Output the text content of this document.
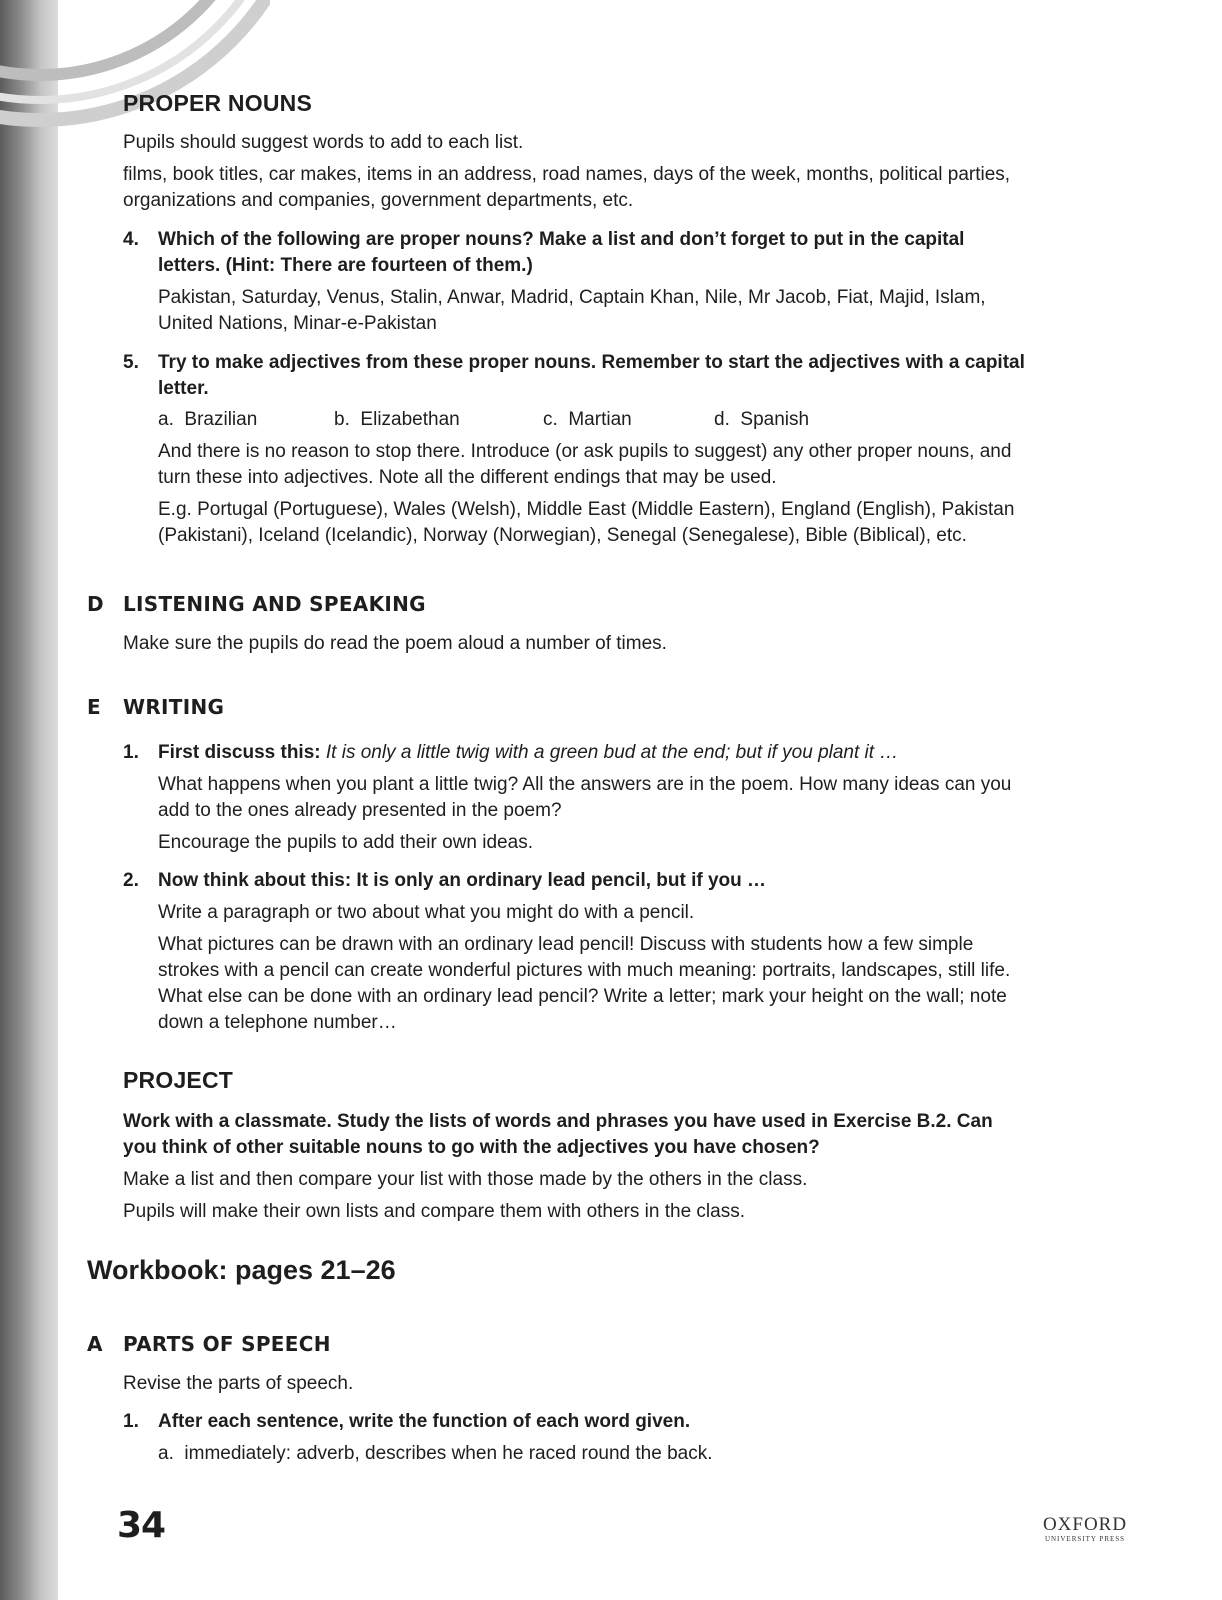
PROPER NOUNS

Pupils should suggest words to add to each list.

films, book titles, car makes, items in an address, road names, days of the week, months, political parties,

organizations and companies, government departments, etc.

4. Which of the following are proper nouns? Make a list and don’t forget to put in the capital

letters. (Hint: There are fourteen of them.)

Pakistan, Saturday, Venus, Stalin, Anwar, Madrid, Captain Khan, Nile, Mr Jacob, Fiat, Majid, Islam,

United Nations, Minar-e-Pakistan

5. Try to make adjectives from these proper nouns. Remember to start the adjectives with a capital

letter.

a. Brazilian	b. Elizabethan	c. Martian	d. Spanish

And there is no reason to stop there. Introduce (or ask pupils to suggest) any other proper nouns, and

turn these into adjectives. Note all the different endings that may be used.

E.g. Portugal (Portuguese), Wales (Welsh), Middle East (Middle Eastern), England (English), Pakistan

(Pakistani), Iceland (Icelandic), Norway (Norwegian), Senegal (Senegalese), Bible (Biblical), etc.

D LISTENING AND SPEAKING

Make sure the pupils do read the poem aloud a number of times.

E WRITING
1. First discuss this: It is only a little twig with a green bud at the end; but if you plant it …

What happens when you plant a little twig? All the answers are in the poem. How many ideas can you

add to the ones already presented in the poem?

Encourage the pupils to add their own ideas.

2. Now think about this: It is only an ordinary lead pencil, but if you …

Write a paragraph or two about what you might do with a pencil.

What pictures can be drawn with an ordinary lead pencil! Discuss with students how a few simple

strokes with a pencil can create wonderful pictures with much meaning: portraits, landscapes, still life.

What else can be done with an ordinary lead pencil? Write a letter; mark your height on the wall; note

down a telephone number…

PROJECT

Work with a classmate. Study the lists of words and phrases you have used in Exercise B.2. Can

you think of other suitable nouns to go with the adjectives you have chosen?

Make a list and then compare your list with those made by the others in the class.

Pupils will make their own lists and compare them with others in the class.

Workbook: pages 21–26
A PARTS OF SPEECH

Revise the parts of speech.

1. After each sentence, write the function of each word given.

a. immediately: adverb, describes when he raced round the back.
34	OXFORD
UNIVERSITY PRESS
